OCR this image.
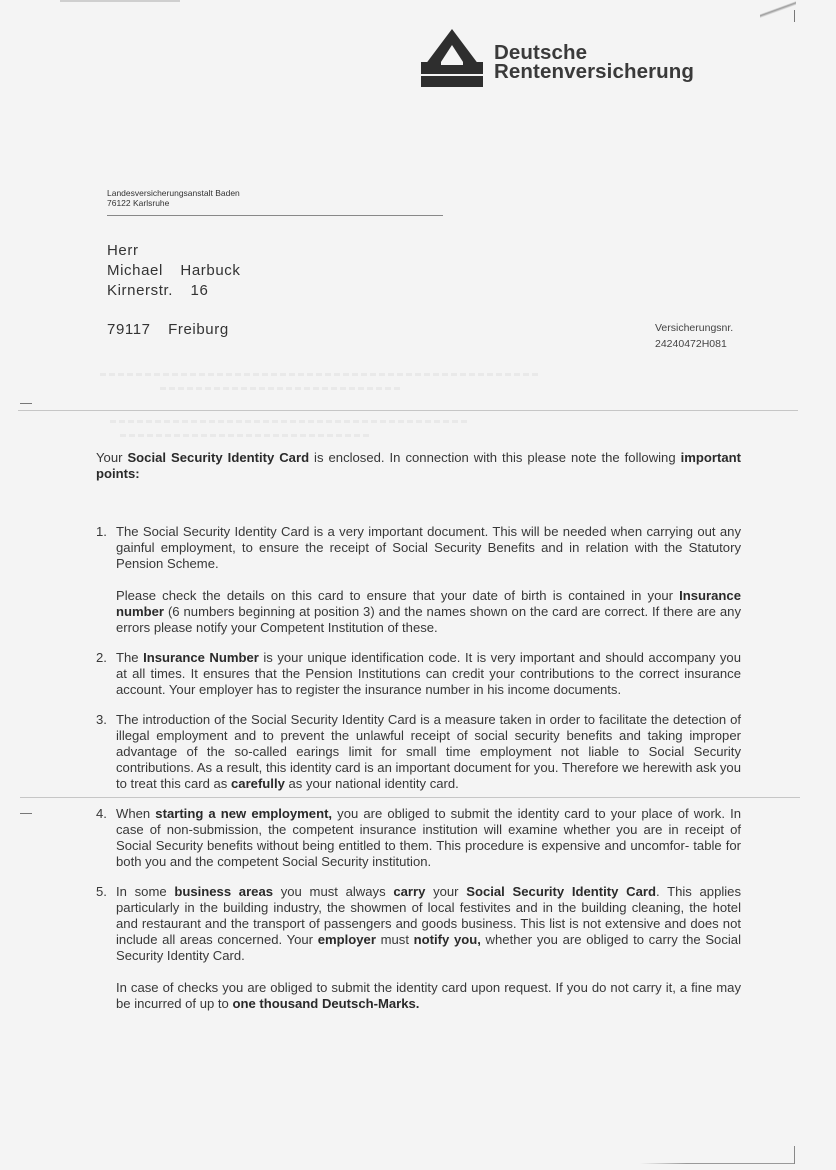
Deutsche
Rentenversicherung
Landesversicherungsanstalt Baden
76122 Karlsruhe
Herr
Michael  Harbuck
Kirnerstr.  16
79117  Freiburg	Versicherungsnr.
24240472H081

Your Social Security Identity Card is enclosed. In connection with this please note the following important points:

1. The Social Security Identity Card is a very important document. This will be needed when carrying out any gainful employment, to ensure the receipt of Social Security Benefits and in relation with the Statutory Pension Scheme.

Please check the details on this card to ensure that your date of birth is contained in your Insurance number (6 numbers beginning at position 3) and the names shown on the card are correct. If there are any errors please notify your Competent Institution of these.

2. The Insurance Number is your unique identification code. It is very important and should accompany you at all times. It ensures that the Pension Institutions can credit your contributions to the correct insurance account. Your employer has to register the insurance number in his income documents.

3. The introduction of the Social Security Identity Card is a measure taken in order to facilitate the detection of illegal employment and to prevent the unlawful receipt of social security benefits and taking improper advantage of the so-called earings limit for small time employment not liable to Social Security contributions. As a result, this identity card is an important document for you. Therefore we herewith ask you to treat this card as carefully as your national identity card.

4. When starting a new employment, you are obliged to submit the identity card to your place of work. In case of non-submission, the competent insurance institution will examine whether you are in receipt of Social Security benefits without being entitled to them. This procedure is expensive and uncomfor- table for both you and the competent Social Security institution.

5. In some business areas you must always carry your Social Security Identity Card. This applies particularly in the building industry, the showmen of local festivites and in the building cleaning, the hotel and restaurant and the transport of passengers and goods business. This list is not extensive and does not include all areas concerned. Your employer must notify you, whether you are obliged to carry the Social Security Identity Card.

In case of checks you are obliged to submit the identity card upon request. If you do not carry it, a fine may be incurred of up to one thousand Deutsch-Marks.
